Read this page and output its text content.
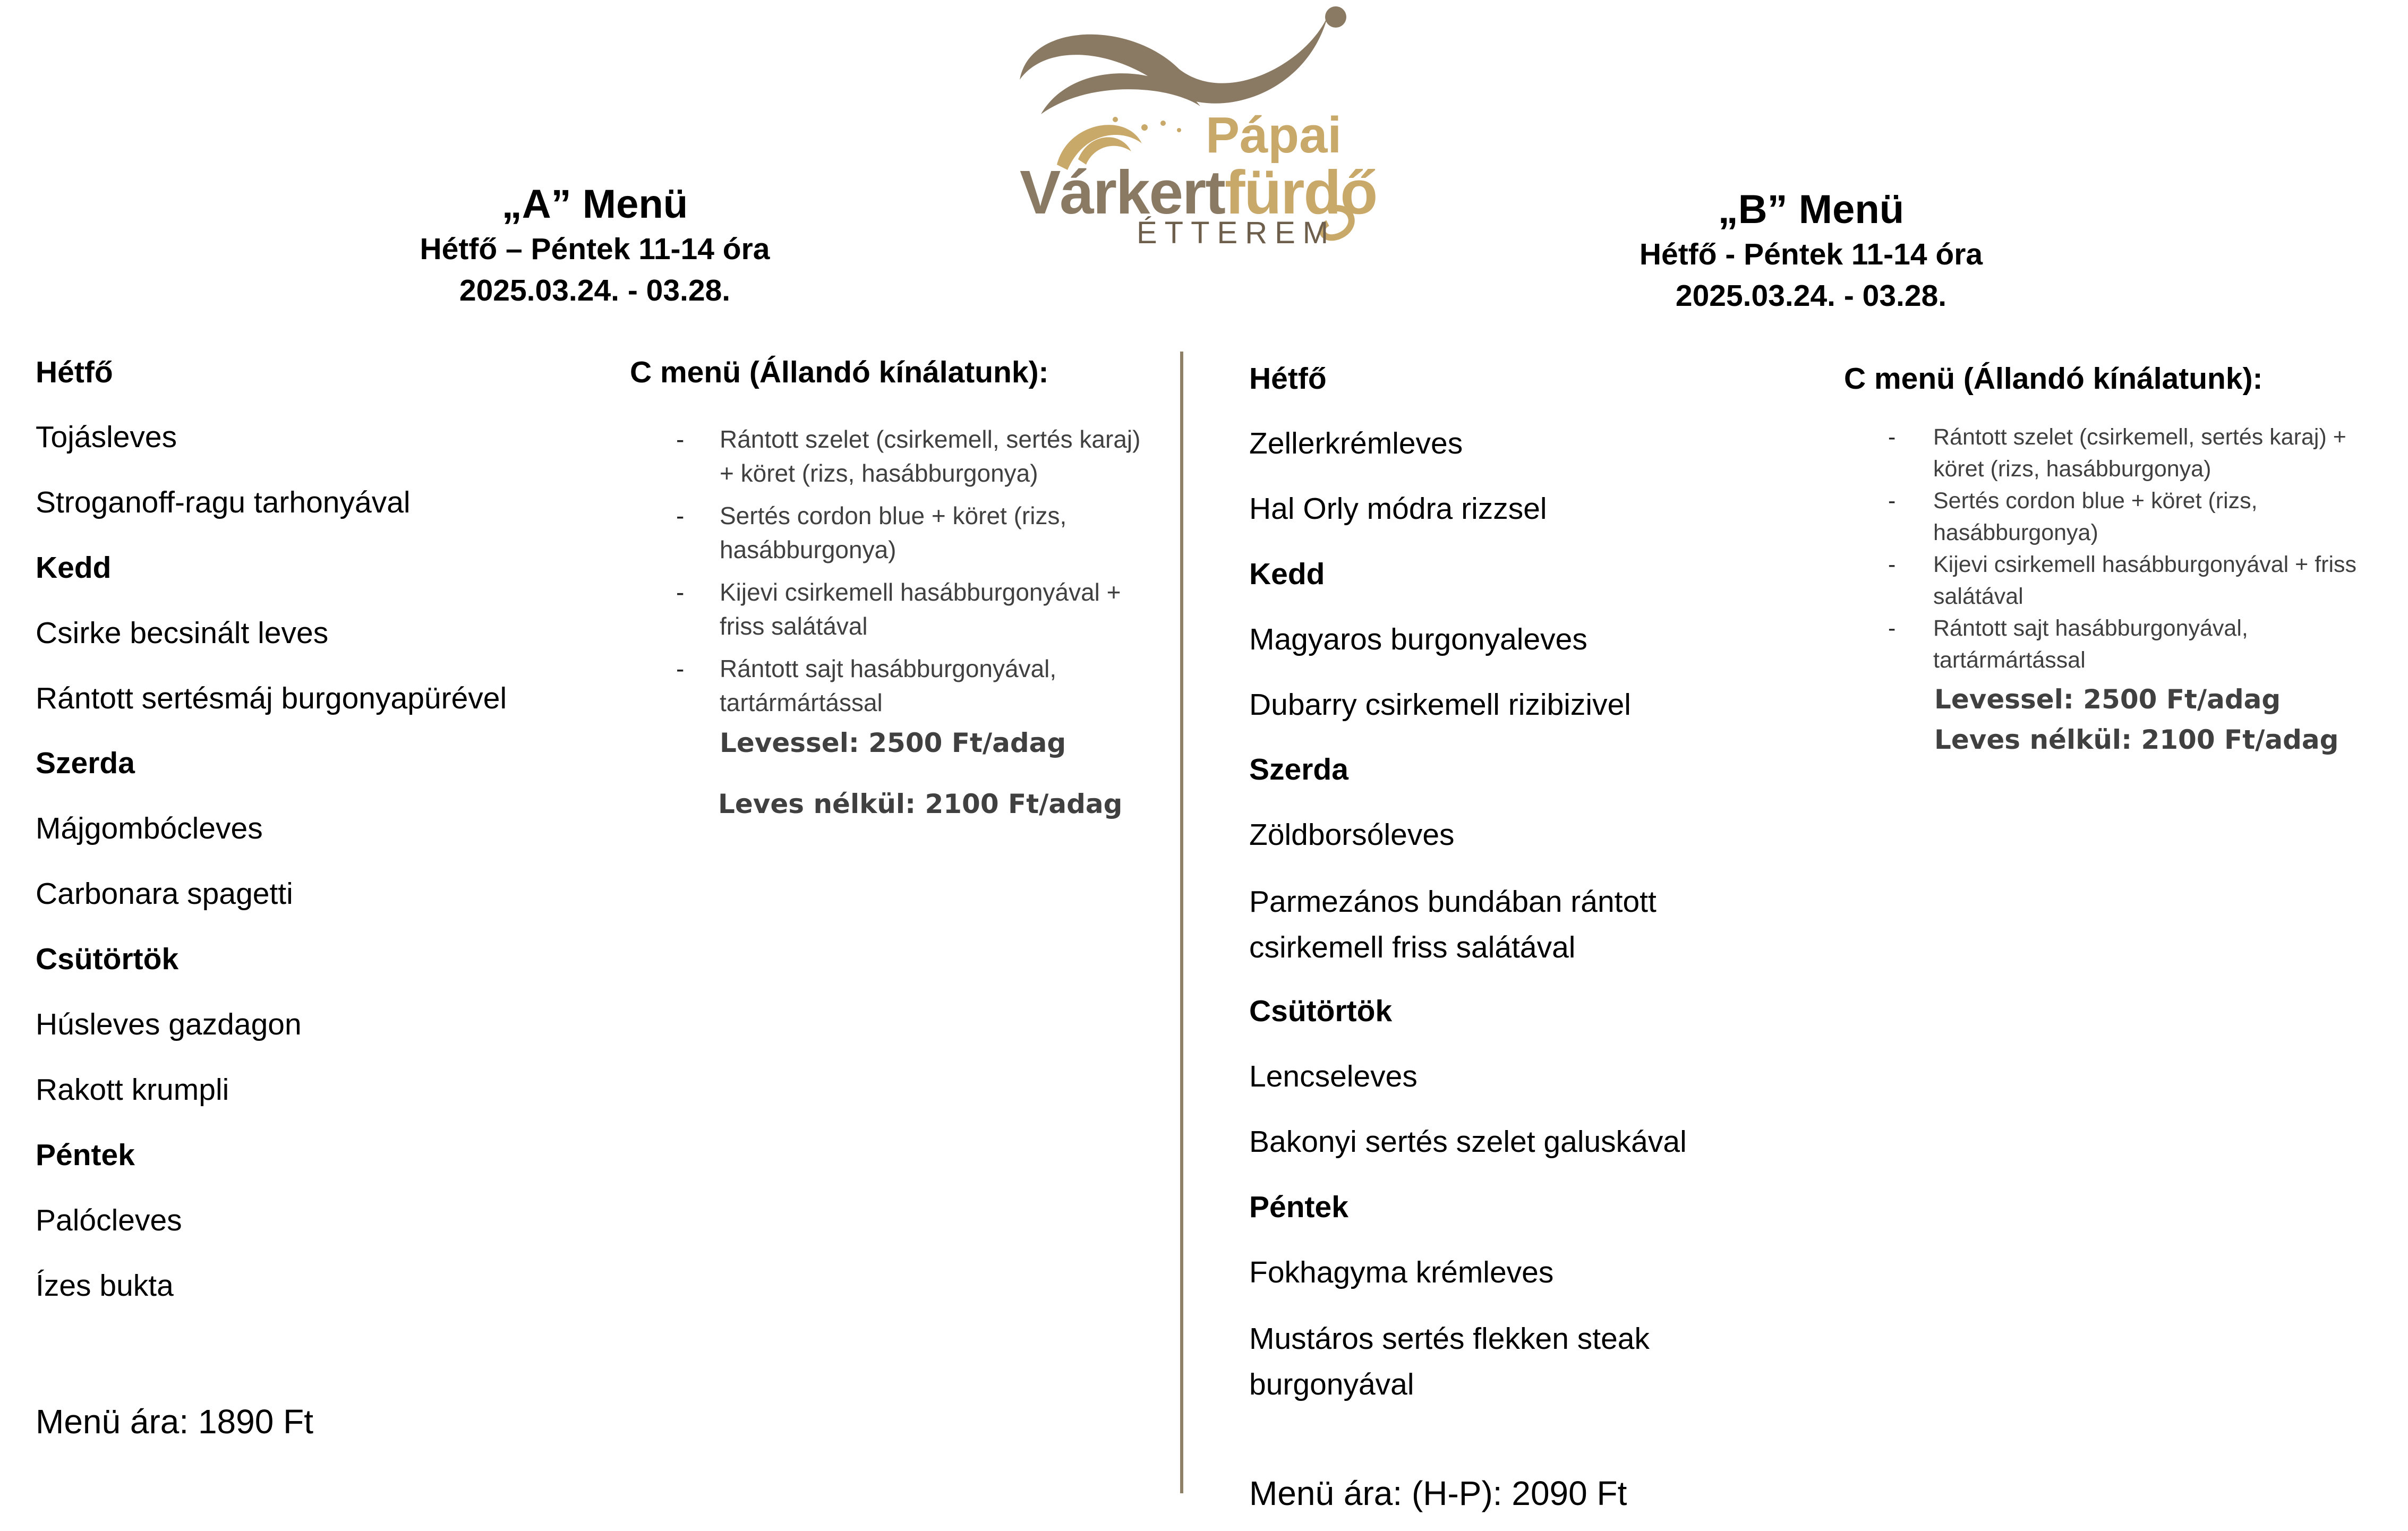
Pápai
Várkertfürdő
ÉTTEREM
„A” Menü
Hétfő – Péntek 11-14 óra
2025.03.24. - 03.28.
„B” Menü
Hétfő - Péntek 11-14 óra
2025.03.24. - 03.28.
Hétfő
Tojásleves
Stroganoff-ragu tarhonyával
Kedd
Csirke becsinált leves
Rántott sertésmáj burgonyapürével
Szerda
Májgombócleves
Carbonara spagetti
Csütörtök
Húsleves gazdagon
Rakott krumpli
Péntek
Palócleves
Ízes bukta
Menü ára: 1890 Ft
C menü (Állandó kínálatunk):
- Rántott szelet (csirkemell, sertés karaj) + köret (rizs, hasábburgonya)
- Sertés cordon blue + köret (rizs, hasábburgonya)
- Kijevi csirkemell hasábburgonyával + friss salátával
- Rántott sajt hasábburgonyával, tartármártással
Levessel: 2500 Ft/adag
Leves nélkül: 2100 Ft/adag
Hétfő
Zellerkrémleves
Hal Orly módra rizzsel
Kedd
Magyaros burgonyaleves
Dubarry csirkemell rizibizivel
Szerda
Zöldborsóleves
Parmezános bundában rántott csirkemell friss salátával
Csütörtök
Lencseleves
Bakonyi sertés szelet galuskával
Péntek
Fokhagyma krémleves
Mustáros sertés flekken steak burgonyával
Menü ára: (H-P): 2090 Ft
C menü (Állandó kínálatunk):
- Rántott szelet (csirkemell, sertés karaj) + köret (rizs, hasábburgonya)
- Sertés cordon blue + köret (rizs, hasábburgonya)
- Kijevi csirkemell hasábburgonyával + friss salátával
- Rántott sajt hasábburgonyával, tartármártással
Levessel: 2500 Ft/adag
Leves nélkül: 2100 Ft/adag
